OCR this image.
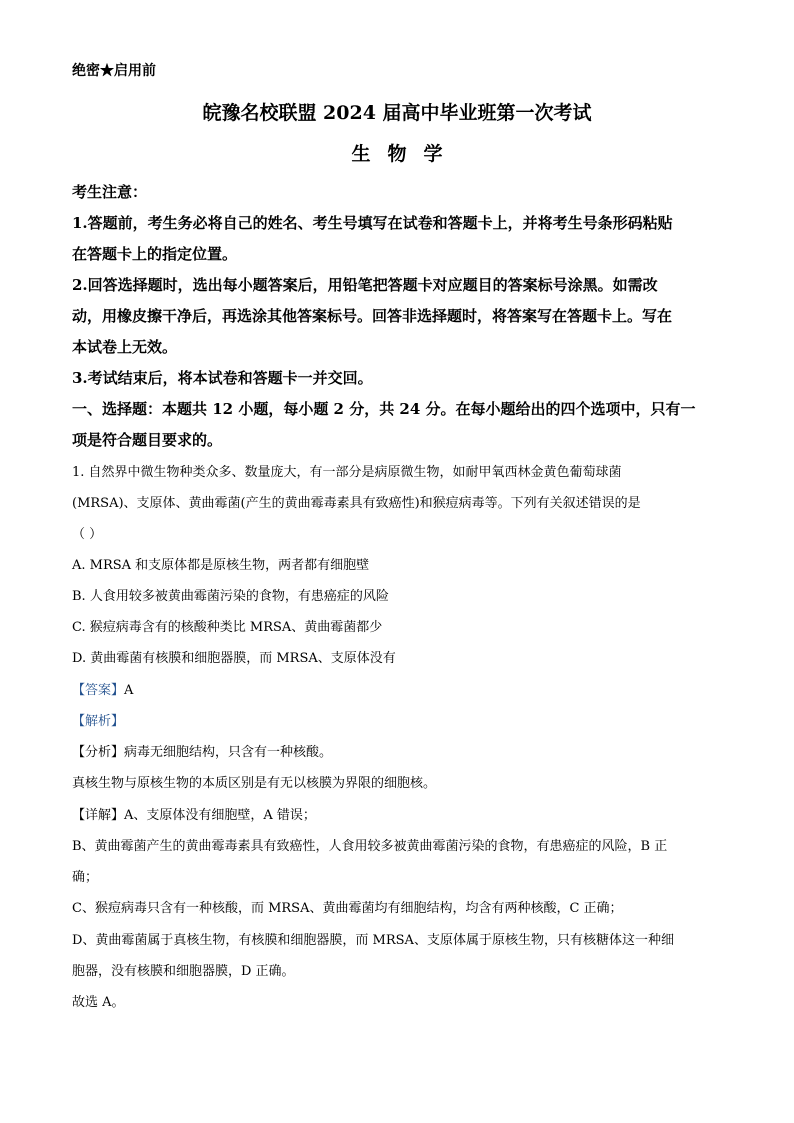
绝密★启用前
皖豫名校联盟 2024 届高中毕业班第一次考试
生物学
考生注意：
1.答题前，考生务必将自己的姓名、考生号填写在试卷和答题卡上，并将考生号条形码粘贴
在答题卡上的指定位置。
2.回答选择题时，选出每小题答案后，用铅笔把答题卡对应题目的答案标号涂黑。如需改
动，用橡皮擦干净后，再选涂其他答案标号。回答非选择题时，将答案写在答题卡上。写在
本试卷上无效。
3.考试结束后，将本试卷和答题卡一并交回。
一、选择题：本题共 12 小题，每小题 2 分，共 24 分。在每小题给出的四个选项中，只有一
项是符合题目要求的。
1. 自然界中微生物种类众多、数量庞大，有一部分是病原微生物，如耐甲氧西林金黄色葡萄球菌
(MRSA)、支原体、黄曲霉菌(产生的黄曲霉毒素具有致癌性)和猴痘病毒等。下列有关叙述错误的是
（ ）
A. MRSA 和支原体都是原核生物，两者都有细胞壁
B. 人食用较多被黄曲霉菌污染的食物，有患癌症的风险
C. 猴痘病毒含有的核酸种类比 MRSA、黄曲霉菌都少
D. 黄曲霉菌有核膜和细胞器膜，而 MRSA、支原体没有
【答案】A
【解析】
【分析】病毒无细胞结构，只含有一种核酸。
真核生物与原核生物的本质区别是有无以核膜为界限的细胞核。
【详解】A、支原体没有细胞壁，A 错误；
B、黄曲霉菌产生的黄曲霉毒素具有致癌性，人食用较多被黄曲霉菌污染的食物，有患癌症的风险，B 正
确；
C、猴痘病毒只含有一种核酸，而 MRSA、黄曲霉菌均有细胞结构，均含有两种核酸，C 正确；
D、黄曲霉菌属于真核生物，有核膜和细胞器膜，而 MRSA、支原体属于原核生物，只有核糖体这一种细
胞器，没有核膜和细胞器膜，D 正确。
故选 A。
